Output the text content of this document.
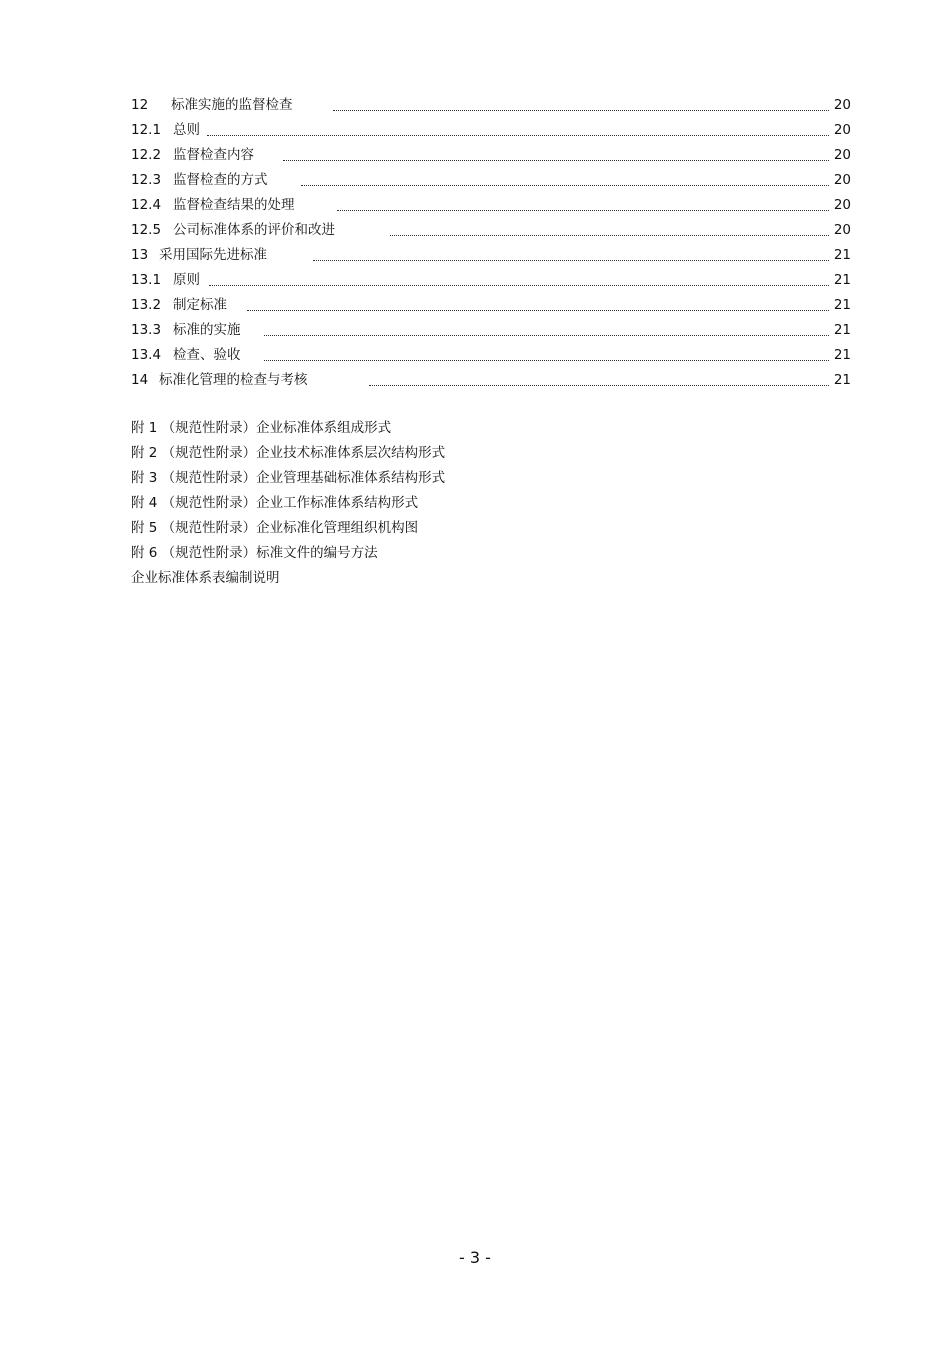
12 标准实施的监督检查	20
12.1 总则	20
12.2 监督检查内容	20
12.3 监督检查的方式	20
12.4 监督检查结果的处理	20
12.5 公司标准体系的评价和改进	20
13 采用国际先进标准	21
13.1 原则	21
13.2 制定标准	21
13.3 标准的实施	21
13.4 检查、验收	21
14 标准化管理的检查与考核	21
附 1 （规范性附录）企业标准体系组成形式
附 2 （规范性附录）企业技术标准体系层次结构形式
附 3 （规范性附录）企业管理基础标准体系结构形式
附 4 （规范性附录）企业工作标准体系结构形式
附 5 （规范性附录）企业标准化管理组织机构图
附 6 （规范性附录）标准文件的编号方法
企业标准体系表编制说明
- 3 -
